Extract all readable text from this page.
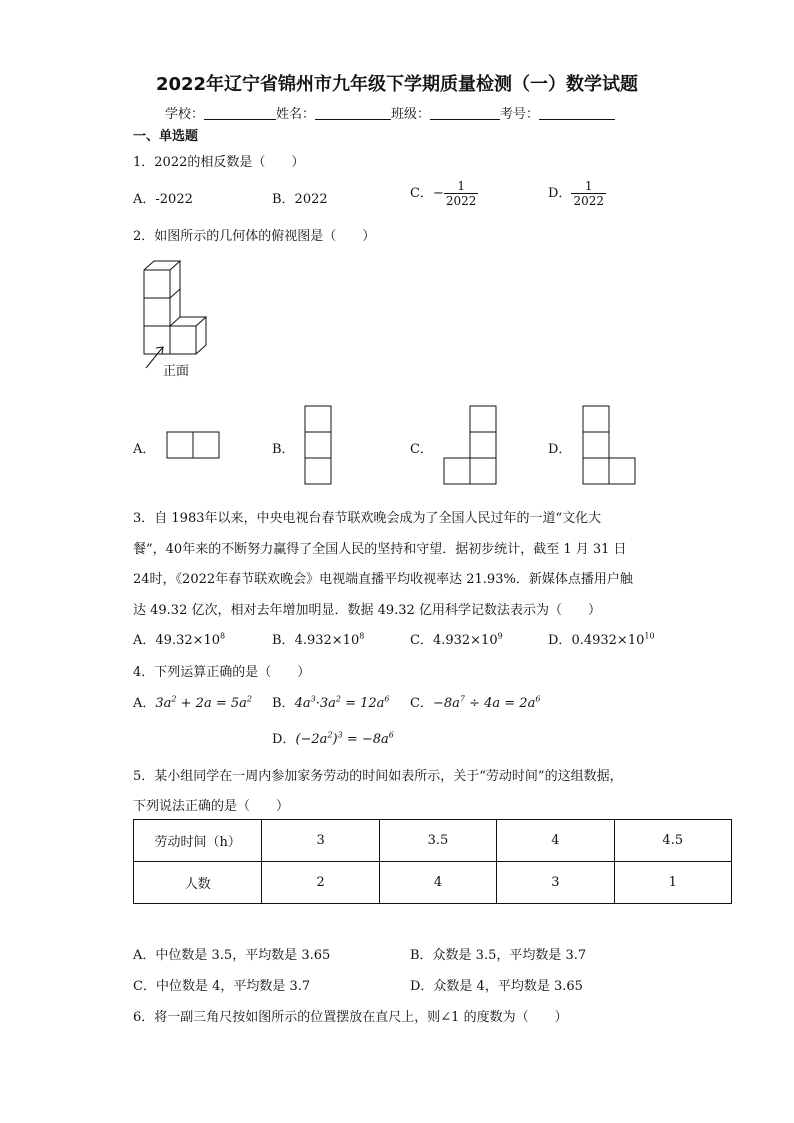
2022年辽宁省锦州市九年级下学期质量检测（一）数学试题
学校：	姓名：	班级：	考号：
一、单选题
1．2022的相反数是（　　）
A．-2022	B．2022	C．− $\frac{1}{2022}$	D． $\frac{1}{2022}$
2．如图所示的几何体的俯视图是（　　）
正面
A．	B．	C．	D．
3．自 1983年以来，中央电视台春节联欢晚会成为了全国人民过年的一道“文化大
餐”，40年来的不断努力赢得了全国人民的坚持和守望．据初步统计，截至 1 月 31 日
24时，《2022年春节联欢晚会》电视端直播平均收视率达 21.93%．新媒体点播用户触
达 49.32 亿次，相对去年增加明显．数据 49.32 亿用科学记数法表示为（　　）
A．$49.32\times 10^8$	B．$4.932\times 10^8$	C．$4.932\times 10^9$	D．$0.4932\times 10^{10}$
4．下列运算正确的是（　　）
A．$3a^2 + 2a = 5a^2$ B．$4a^3\cdot 3a^2 = 12a^6$ C．$-8a^7 \div 4a = 2a^6$
D．$(-2a^2)^3 = -8a^6$
5．某小组同学在一周内参加家务劳动的时间如表所示，关于“劳动时间”的这组数据，
下列说法正确的是（　　）
劳动时间（h）	3	3.5	4	4.5
人数	2	4	3	1
A．中位数是 3.5，平均数是 3.65	B．众数是 3.5，平均数是 3.7
C．中位数是 4，平均数是 3.7	D．众数是 4，平均数是 3.65
6．将一副三角尺按如图所示的位置摆放在直尺上，则∠1 的度数为（　　）
